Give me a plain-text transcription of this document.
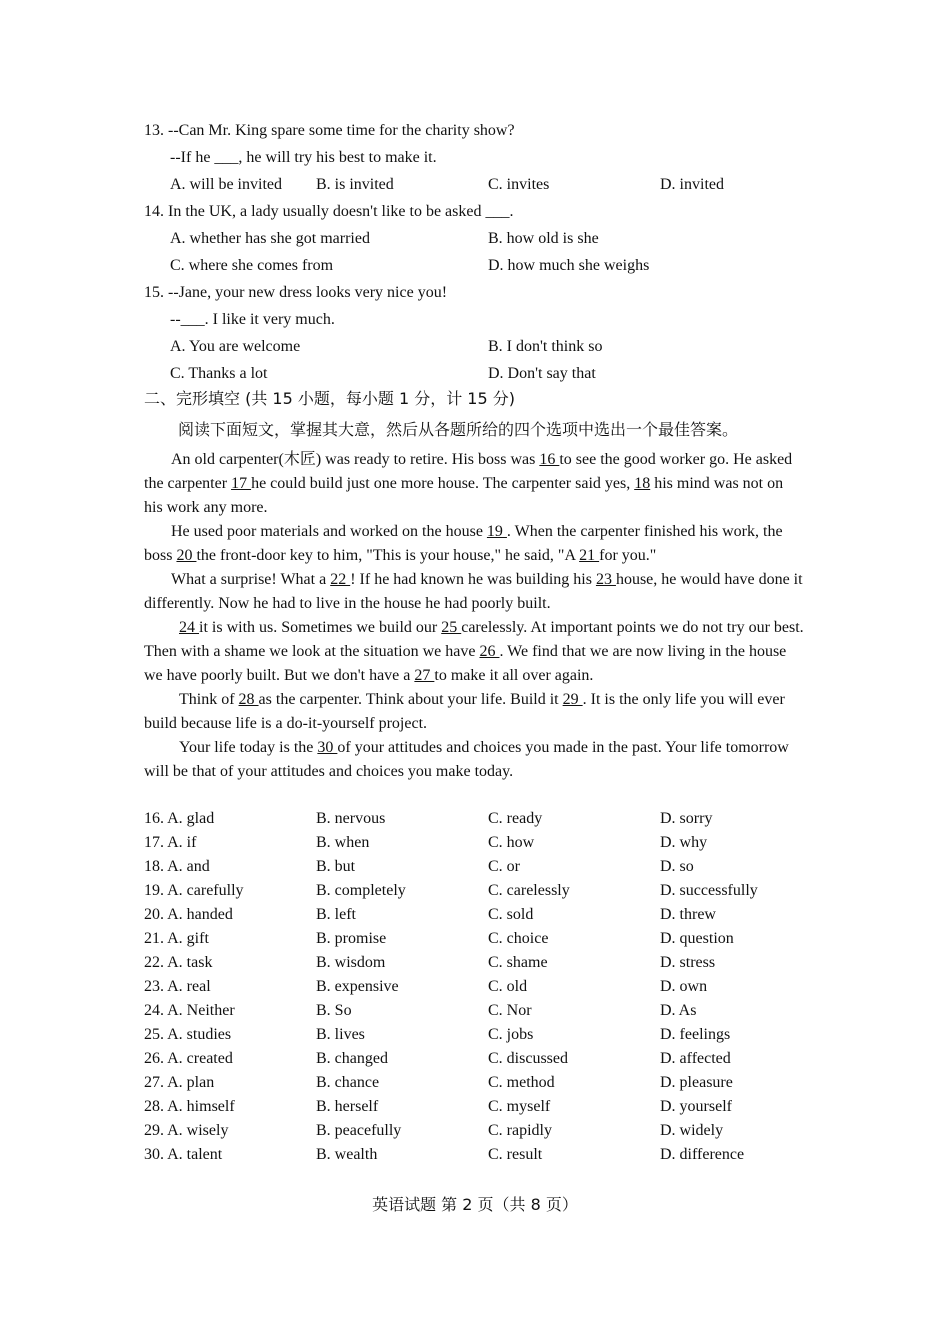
13. --Can Mr. King spare some time for the charity show?
--If he ___, he will try his best to make it.
A. will be invited B. is invited	C. invites	D. invited
14. In the UK, a lady usually doesn't like to be asked ___.
A. whether has she got married	B. how old is she
C. where she comes from	D. how much she weighs
15. --Jane, your new dress looks very nice you!
--___. I like it very much.
A. You are welcome	B. I don't think so
C. Thanks a lot	D. Don't say that
二、完形填空 (共 15 小题，每小题 1 分，计 15 分)
阅读下面短文，掌握其大意，然后从各题所给的四个选项中选出一个最佳答案。

An old carpenter(木匠) was ready to retire. His boss was 16 to see the good worker go. He asked the carpenter 17 he could build just one more house. The carpenter said yes, 18 his mind was not on his work any more.

He used poor materials and worked on the house 19 . When the carpenter finished his work, the boss 20 the front-door key to him, "This is your house," he said, "A 21 for you."

What a surprise! What a 22 ! If he had known he was building his 23 house, he would have done it differently. Now he had to live in the house he had poorly built.

24 it is with us. Sometimes we build our 25 carelessly. At important points we do not try our best. Then with a shame we look at the situation we have 26 . We find that we are now living in the house we have poorly built. But we don't have a 27 to make it all over again.

Think of 28 as the carpenter. Think about your life. Build it 29 . It is the only life you will ever build because life is a do-it-yourself project.

Your life today is the 30 of your attitudes and choices you made in the past. Your life tomorrow will be that of your attitudes and choices you make today.

16. A. glad	B. nervous	C. ready	D. sorry
17. A. if	B. when	C. how	D. why
18. A. and	B. but	C. or	D. so
19. A. carefully	B. completely	C. carelessly	D. successfully
20. A. handed	B. left	C. sold	D. threw
21. A. gift	B. promise	C. choice	D. question
22. A. task	B. wisdom	C. shame	D. stress
23. A. real	B. expensive	C. old	D. own
24. A. Neither	B. So	C. Nor	D. As
25. A. studies	B. lives	C. jobs	D. feelings
26. A. created	B. changed	C. discussed	D. affected
27. A. plan	B. chance	C. method	D. pleasure
28. A. himself	B. herself	C. myself	D. yourself
29. A. wisely	B. peacefully	C. rapidly	D. widely
30. A. talent	B. wealth	C. result	D. difference
英语试题 第 2 页（共 8 页）
